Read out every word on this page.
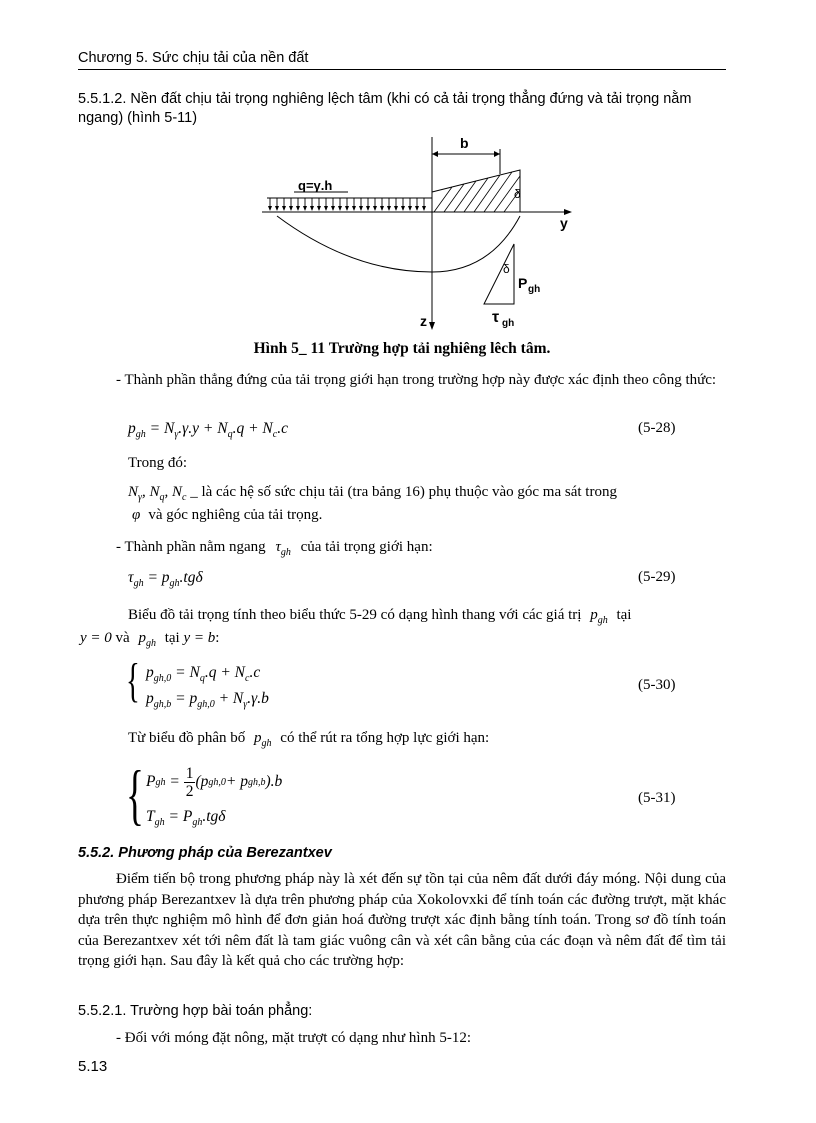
Chương 5. Sức chịu tải của nền đất
5.5.1.2. Nền đất chịu tải trọng nghiêng lệch tâm (khi có cả tải trọng thẳng đứng và tải trọng nằm ngang) (hình 5-11)
b
q=γ.h
δ
y
z
δ
P gh
τ gh
Hình 5_ 11 Trường hợp tải nghiêng lêch tâm.
- Thành phần thẳng đứng của tải trọng giới hạn trong trường hợp này được xác định theo công thức:
$p_{gh} = N_\gamma.\gamma.y + N_q.q + N_c.c$	(5-28)
Trong đó:
$N_\gamma$, $N_q$, $N_c$ _ là các hệ số sức chịu tải (tra bảng 16) phụ thuộc vào góc ma sát trong
φ và góc nghiêng của tải trọng.
- Thành phần nằm ngang $\tau_{gh}$ của tải trọng giới hạn:
$\tau_{gh} = p_{gh}.tg\delta$	(5-29)
Biểu đồ tải trọng tính theo biểu thức 5-29 có dạng hình thang với các giá trị $p_{gh}$ tại
y = 0 và $p_{gh}$ tại y = b:
{ $p_{gh,0} = N_q.q + N_c.c$
$p_{gh,b} = p_{gh,0} + N_\gamma.\gamma.b$
(5-30)
Từ biểu đồ phân bố $p_{gh}$ có thể rút ra tổng hợp lực giới hạn:
{ P gh = 1
2
(p gh,0 + p gh,b ).b
$T_{gh} = P_{gh}.tg\delta$
(5-31)
5.5.2. Phương pháp của Berezantxev
Điểm tiến bộ trong phương pháp này là xét đến sự tồn tại của nêm đất dưới đáy móng. Nội dung của phương pháp Berezantxev là dựa trên phương pháp của Xokolovxki để tính toán các đường trượt, mặt khác dựa trên thực nghiệm mô hình để đơn giản hoá đường trượt xác định bằng tính toán. Trong sơ đồ tính toán của Berezantxev xét tới nêm đất là tam giác vuông cân và xét cân bằng của các đoạn và nêm đất để tìm tải trọng giới hạn. Sau đây là kết quả cho các trường hợp:
5.5.2.1. Trường hợp bài toán phẳng:
- Đối với móng đặt nông, mặt trượt có dạng như hình 5-12:
5.13
